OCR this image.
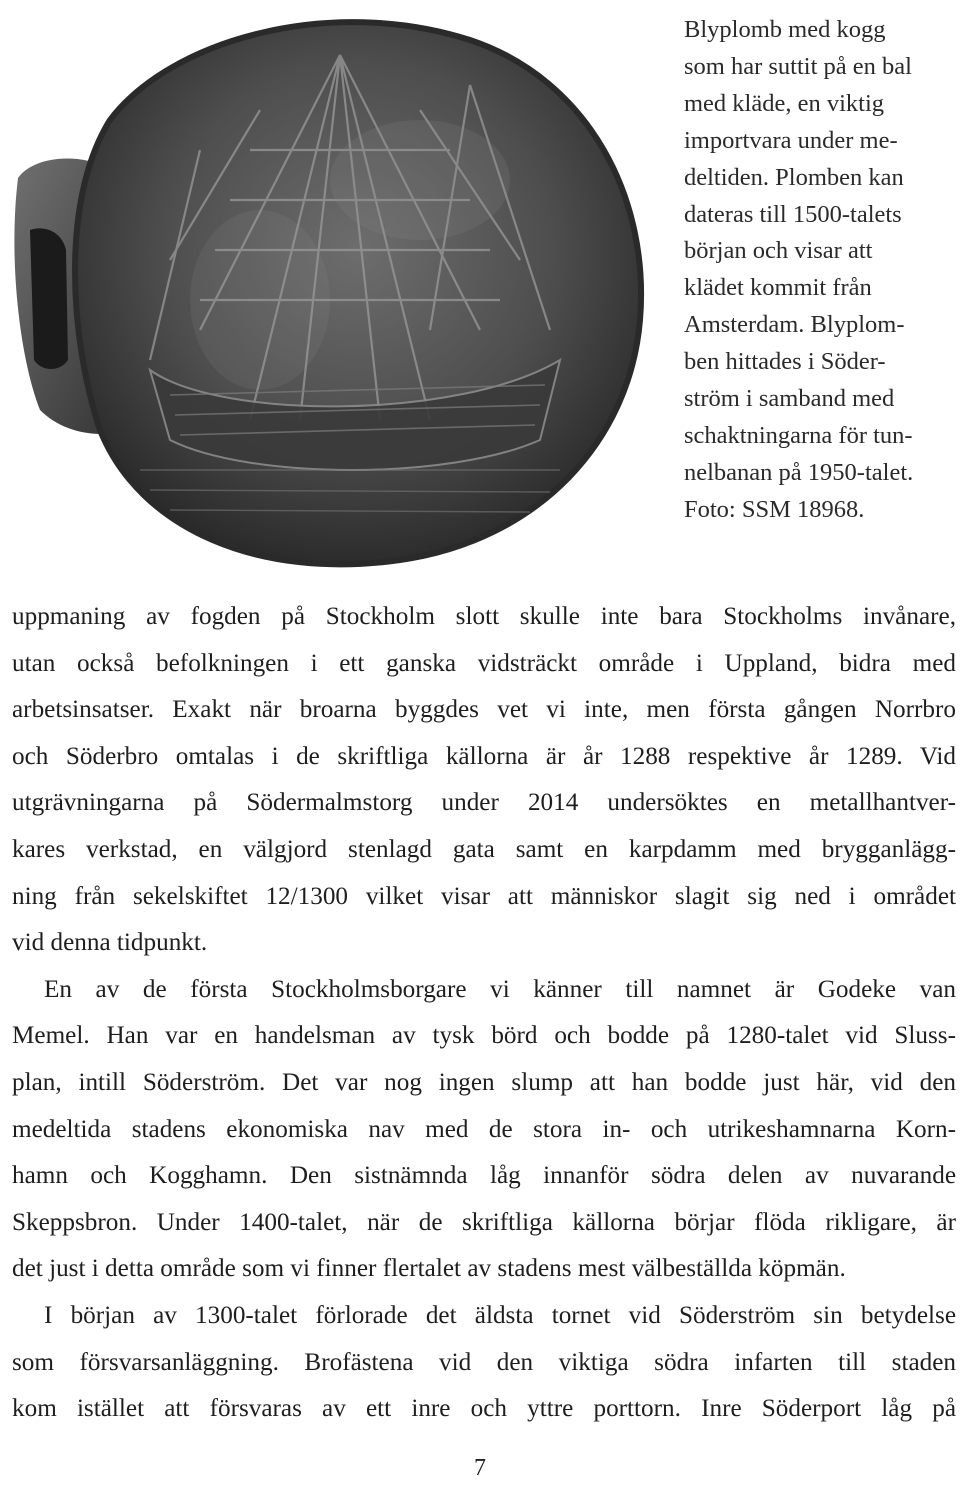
Blyplomb med kogg
som har suttit på en bal
med kläde, en viktig
importvara under me-
deltiden. Plomben kan
dateras till 1500-talets
början och visar att
klädet kommit från
Amsterdam. Blyplom-
ben hittades i Söder-
ström i samband med
schaktningarna för tun-
nelbanan på 1950-talet.
Foto: SSM 18968.
uppmaning av fogden på Stockholm slott skulle inte bara Stockholms invånare,
utan också befolkningen i ett ganska vidsträckt område i Uppland, bidra med
arbetsinsatser. Exakt när broarna byggdes vet vi inte, men första gången Norrbro
och Söderbro omtalas i de skriftliga källorna är år 1288 respektive år 1289. Vid
utgrävningarna på Södermalmstorg under 2014 undersöktes en metallhantver-
kares verkstad, en välgjord stenlagd gata samt en karpdamm med brygganlägg-
ning från sekelskiftet 12/1300 vilket visar att människor slagit sig ned i området
vid denna tidpunkt.
En av de första Stockholmsborgare vi känner till namnet är Godeke van
Memel. Han var en handelsman av tysk börd och bodde på 1280-talet vid Sluss-
plan, intill Söderström. Det var nog ingen slump att han bodde just här, vid den
medeltida stadens ekonomiska nav med de stora in- och utrikeshamnarna Korn-
hamn och Kogghamn. Den sistnämnda låg innanför södra delen av nuvarande
Skeppsbron. Under 1400-talet, när de skriftliga källorna börjar flöda rikligare, är
det just i detta område som vi finner flertalet av stadens mest välbeställda köpmän.
I början av 1300-talet förlorade det äldsta tornet vid Söderström sin betydelse
som försvarsanläggning. Brofästena vid den viktiga södra infarten till staden
kom istället att försvaras av ett inre och yttre porttorn. Inre Söderport låg på
7
